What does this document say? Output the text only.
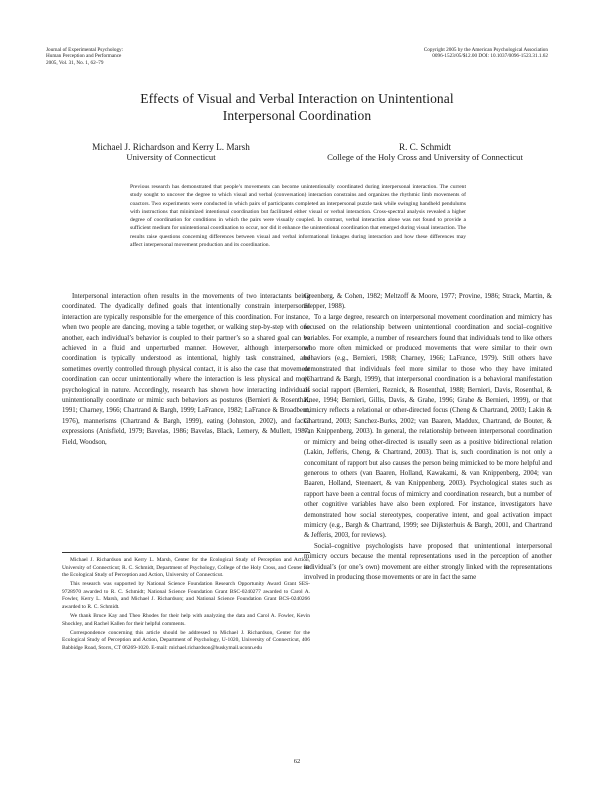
Journal of Experimental Psychology:
Human Perception and Performance
2005, Vol. 31, No. 1, 62–79
Copyright 2005 by the American Psychological Association
0096-1523/05/$12.00 DOI: 10.1037/0096-1523.31.1.62
Effects of Visual and Verbal Interaction on Unintentional
Interpersonal Coordination
Michael J. Richardson and Kerry L. Marsh
University of Connecticut
R. C. Schmidt
College of the Holy Cross and University of Connecticut
Previous research has demonstrated that people’s movements can become unintentionally coordinated during interpersonal interaction. The current study sought to uncover the degree to which visual and verbal (conversation) interaction constrains and organizes the rhythmic limb movements of coactors. Two experiments were conducted in which pairs of participants completed an interpersonal puzzle task while swinging handheld pendulums with instructions that minimized intentional coordination but facilitated either visual or verbal interaction. Cross-spectral analysis revealed a higher degree of coordination for conditions in which the pairs were visually coupled. In contrast, verbal interaction alone was not found to provide a sufficient medium for unintentional coordination to occur, nor did it enhance the unintentional coordination that emerged during visual interaction. The results raise questions concerning differences between visual and verbal informational linkages during interaction and how these differences may affect interpersonal movement production and its coordination.

Interpersonal interaction often results in the movements of two interactants being coordinated. The dyadically defined goals that intentionally constrain interpersonal interaction are typically responsible for the emergence of this coordination. For instance, when two people are dancing, moving a table together, or walking step-by-step with one another, each individual’s behavior is coupled to their partner’s so a shared goal can be achieved in a fluid and unperturbed manner. However, although interpersonal coordination is typically understood as intentional, highly task constrained, and sometimes overtly controlled through physical contact, it is also the case that movement coordination can occur unintentionally where the interaction is less physical and more psychological in nature. Accordingly, research has shown how interacting individuals unintentionally coordinate or mimic such behaviors as postures (Bernieri & Rosenthal, 1991; Charney, 1966; Chartrand & Bargh, 1999; LaFrance, 1982; LaFrance & Broadbent, 1976), mannerisms (Chartrand & Bargh, 1999), eating (Johnston, 2002), and facial expressions (Anisfield, 1979; Bavelas, 1986; Bavelas, Black, Lemery, & Mullett, 1987; Field, Woodson,

Greenberg, & Cohen, 1982; Meltzoff & Moore, 1977; Provine, 1986; Strack, Martin, & Stepper, 1988).

To a large degree, research on interpersonal movement coordination and mimicry has focused on the relationship between unintentional coordination and social–cognitive variables. For example, a number of researchers found that individuals tend to like others who more often mimicked or produced movements that were similar to their own behaviors (e.g., Bernieri, 1988; Charney, 1966; LaFrance, 1979). Still others have demonstrated that individuals feel more similar to those who they have imitated (Chartrand & Bargh, 1999), that interpersonal coordination is a behavioral manifestation of social rapport (Bernieri, Reznick, & Rosenthal, 1988; Bernieri, Davis, Rosenthal, & Knee, 1994; Bernieri, Gillis, Davis, & Grahe, 1996; Grahe & Bernieri, 1999), or that mimicry reflects a relational or other-directed focus (Cheng & Chartrand, 2003; Lakin & Chartrand, 2003; Sanchez-Burks, 2002; van Baaren, Maddux, Chartrand, de Bouter, & van Knippenberg, 2003). In general, the relationship between interpersonal coordination or mimicry and being other-directed is usually seen as a positive bidirectional relation (Lakin, Jefferis, Cheng, & Chartrand, 2003). That is, such coordination is not only a concomitant of rapport but also causes the person being mimicked to be more helpful and generous to others (van Baaren, Holland, Kawakami, & van Knippenberg, 2004; van Baaren, Holland, Steenaert, & van Knippenberg, 2003). Psychological states such as rapport have been a central focus of mimicry and coordination research, but a number of other cognitive variables have also been explored. For instance, investigators have demonstrated how social stereotypes, cooperative intent, and goal activation impact mimicry (e.g., Bargh & Chartrand, 1999; see Dijksterhuis & Bargh, 2001, and Chartrand & Jefferis, 2003, for reviews).

Social–cognitive psychologists have proposed that unintentional interpersonal mimicry occurs because the mental representations used in the perception of another individual’s (or one’s own) movement are either strongly linked with the representations involved in producing those movements or are in fact the same

Michael J. Richardson and Kerry L. Marsh, Center for the Ecological Study of Perception and Action, University of Connecticut; R. C. Schmidt, Department of Psychology, College of the Holy Cross, and Center for the Ecological Study of Perception and Action, University of Connecticut.

This research was supported by National Science Foundation Research Opportunity Award Grant SES-9728970 awarded to R. C. Schmidt; National Science Foundation Grant BSC-0240277 awarded to Carol A. Fowler, Kerry L. Marsh, and Michael J. Richardson; and National Science Foundation Grant BCS-0240266 awarded to R. C. Schmidt.

We thank Bruce Kay and Theo Rhodes for their help with analyzing the data and Carol A. Fowler, Kevin Shockley, and Rachel Kallen for their helpful comments.

Correspondence concerning this article should be addressed to Michael J. Richardson, Center for the Ecological Study of Perception and Action, Department of Psychology, U-1020, University of Connecticut, 406 Babbidge Road, Storrs, CT 06269-1020. E-mail: michael.richardson@huskymail.uconn.edu

62
